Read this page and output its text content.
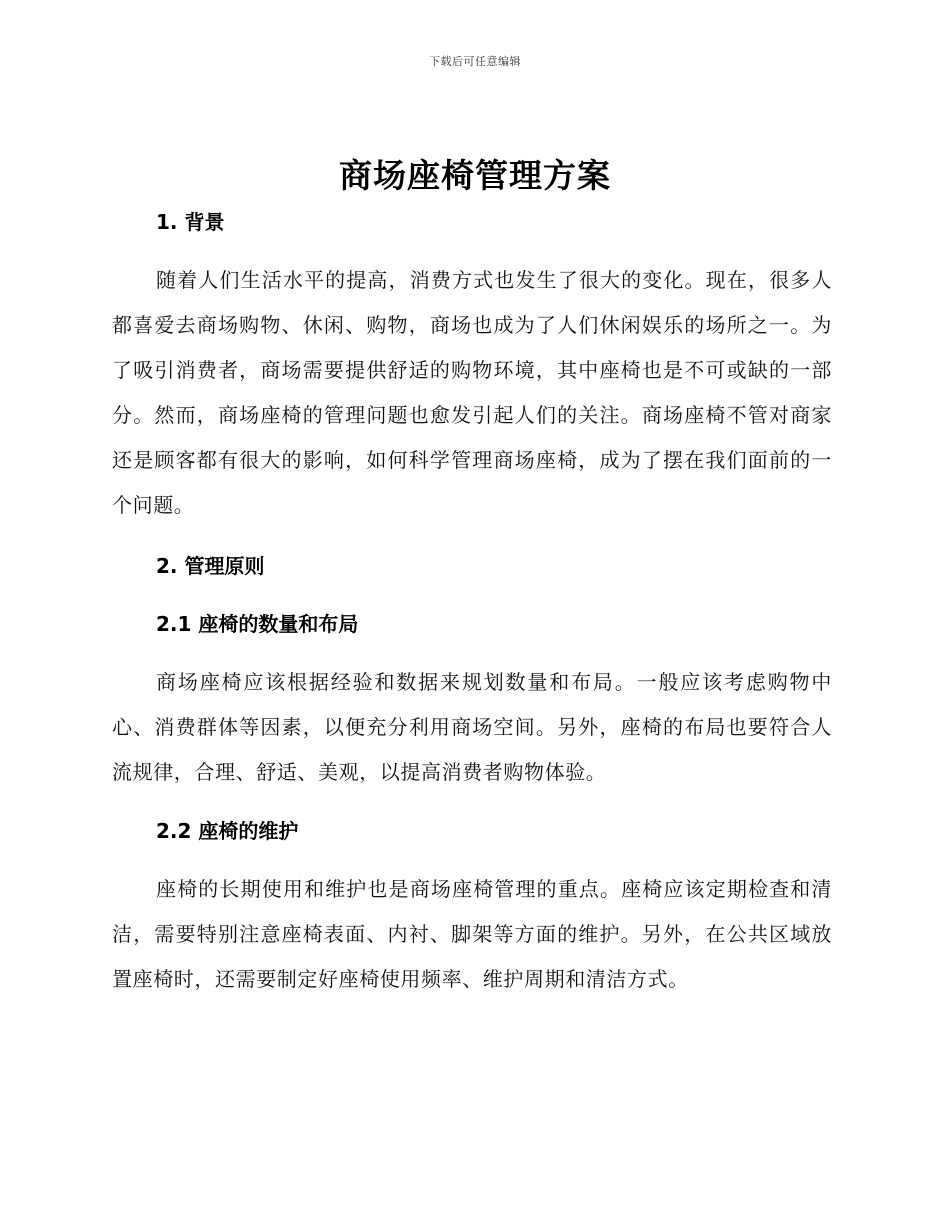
下载后可任意编辑
商场座椅管理方案
1. 背景

随着人们生活水平的提高，消费方式也发生了很大的变化。现在，很多人都喜爱去商场购物、休闲、购物，商场也成为了人们休闲娱乐的场所之一。为了吸引消费者，商场需要提供舒适的购物环境，其中座椅也是不可或缺的一部分。然而，商场座椅的管理问题也愈发引起人们的关注。商场座椅不管对商家还是顾客都有很大的影响，如何科学管理商场座椅，成为了摆在我们面前的一个问题。

2. 管理原则
2.1 座椅的数量和布局

商场座椅应该根据经验和数据来规划数量和布局。一般应该考虑购物中心、消费群体等因素，以便充分利用商场空间。另外，座椅的布局也要符合人流规律，合理、舒适、美观，以提高消费者购物体验。

2.2 座椅的维护

座椅的长期使用和维护也是商场座椅管理的重点。座椅应该定期检查和清洁，需要特别注意座椅表面、内衬、脚架等方面的维护。另外，在公共区域放置座椅时，还需要制定好座椅使用频率、维护周期和清洁方式。
